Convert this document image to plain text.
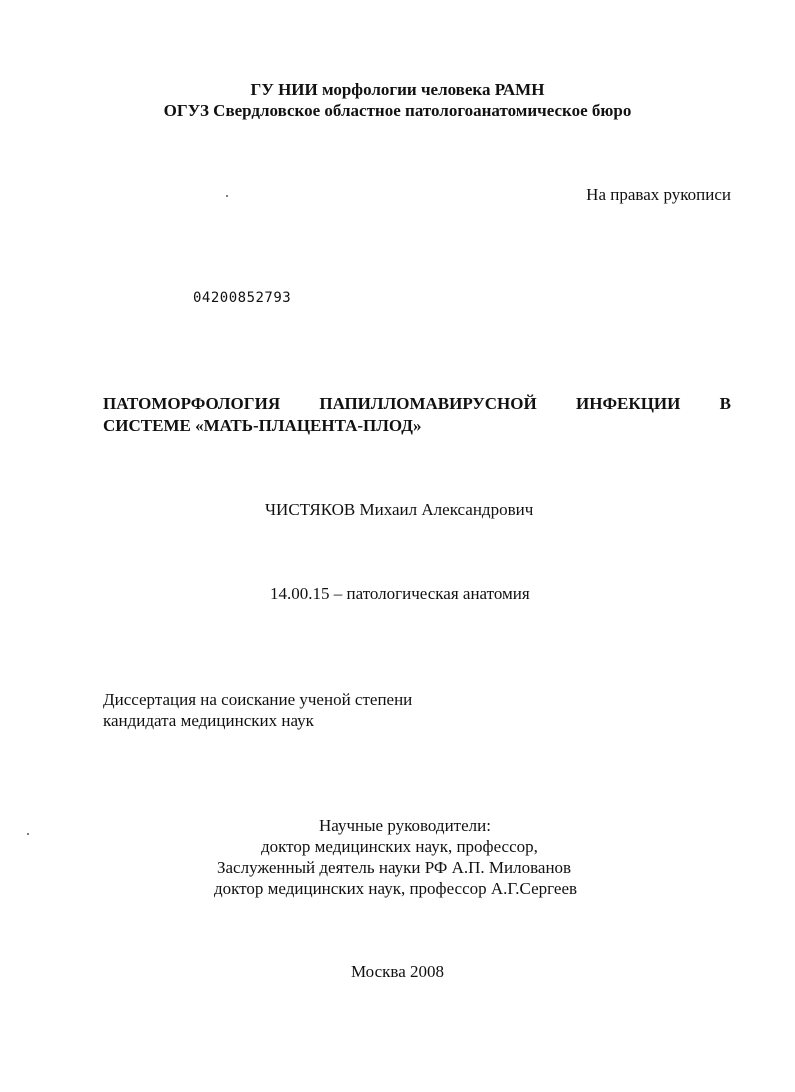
ГУ НИИ морфологии человека РАМН
ОГУЗ Свердловское областное патологоанатомическое бюро
На правах рукописи
04200852793
ПАТОМОРФОЛОГИЯ ПАПИЛЛОМАВИРУСНОЙ ИНФЕКЦИИ В
СИСТЕМЕ «МАТЬ-ПЛАЦЕНТА-ПЛОД»
ЧИСТЯКОВ Михаил Александрович
14.00.15 – патологическая анатомия
Диссертация на соискание ученой степени
кандидата медицинских наук
Научные руководители:
доктор медицинских наук, профессор,
Заслуженный деятель науки РФ А.П. Милованов
доктор медицинских наук, профессор А.Г.Сергеев
Москва 2008
